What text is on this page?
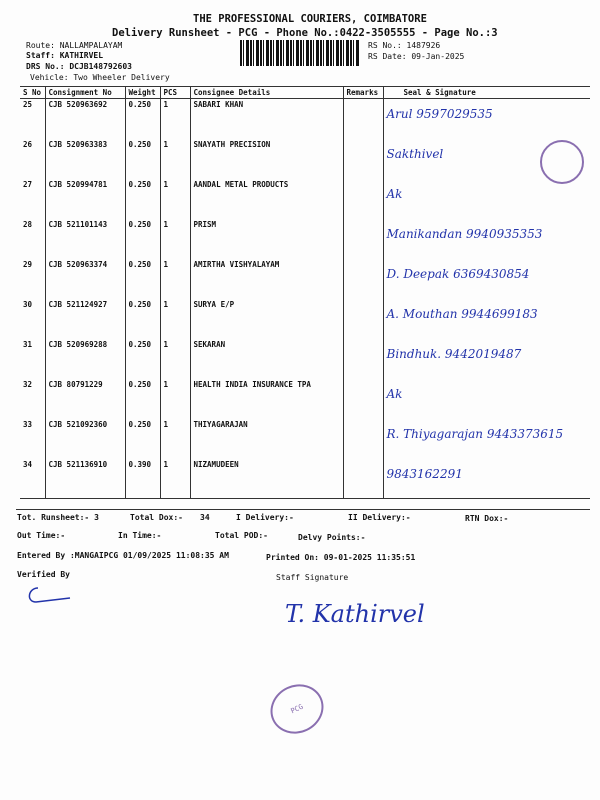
THE PROFESSIONAL COURIERS, COIMBATORE
Delivery Runsheet - PCG - Phone No.:0422-3505555 - Page No.:3
Route: NALLAMPALAYAM
Staff: KATHIRVEL
DRS No.: DCJB148792603
Vehicle: Two Wheeler Delivery
RS No.: 1487926
RS Date: 09-Jan-2025
S No	Consignment No	Weight	PCS	Consignee Details	Remarks	Seal & Signature
25	CJB 520963692	0.250	1	SABARI KHAN		Arul 9597029535
26	CJB 520963383	0.250	1	SNAYATH PRECISION		Sakthivel
27	CJB 520994781	0.250	1	AANDAL METAL PRODUCTS		Ak
28	CJB 521101143	0.250	1	PRISM		Manikandan 9940935353
29	CJB 520963374	0.250	1	AMIRTHA VISHYALAYAM		D. Deepak 6369430854
30	CJB 521124927	0.250	1	SURYA E/P		A. Mouthan 9944699183
31	CJB 520969288	0.250	1	SEKARAN		Bindhuk. 9442019487
32	CJB 80791229	0.250	1	HEALTH INDIA INSURANCE TPA		Ak
33	CJB 521092360	0.250	1	THIYAGARAJAN		R. Thiyagarajan 9443373615
34	CJB 521136910	0.390	1	NIZAMUDEEN		9843162291
Tot. Runsheet:- 3	Total Dox:- 34	I Delivery:-	II Delivery:-	RTN Dox:-
Out Time:-	In Time:-	Total POD:-	Delvy Points:-
Entered By :MANGAIPCG 01/09/2025 11:08:35 AM	Printed On: 09-01-2025 11:35:51
Verified By	Staff Signature
T. Kathirvel
PCG
